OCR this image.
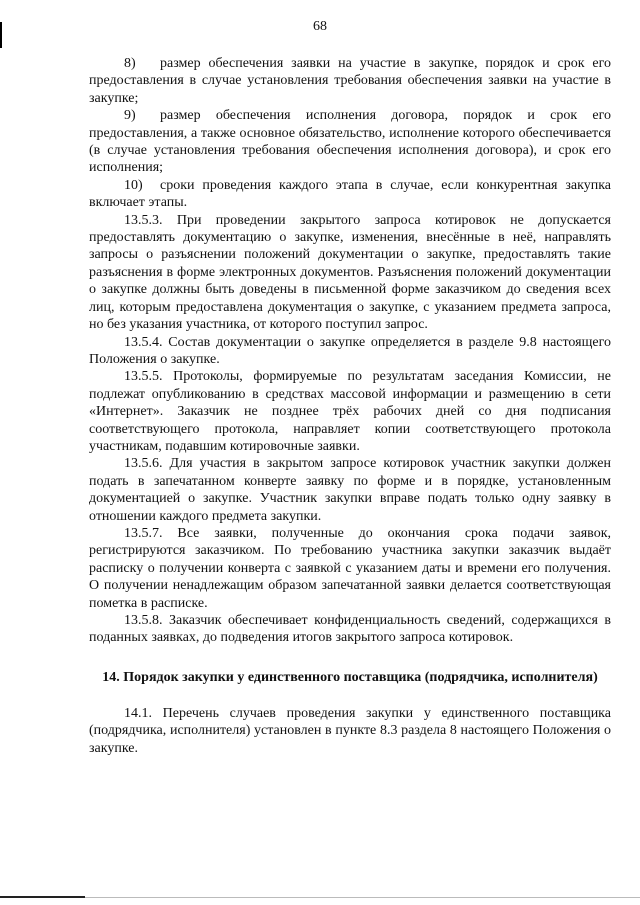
68

8) размер обеспечения заявки на участие в закупке, порядок и срок его предоставления в случае установления требования обеспечения заявки на участие в закупке;

9) размер обеспечения исполнения договора, порядок и срок его предоставления, а также основное обязательство, исполнение которого обеспечивается (в случае установления требования обеспечения исполнения договора), и срок его исполнения;

10) сроки проведения каждого этапа в случае, если конкурентная закупка включает этапы.

13.5.3. При проведении закрытого запроса котировок не допускается предоставлять документацию о закупке, изменения, внесённые в неё, направлять запросы о разъяснении положений документации о закупке, предоставлять такие разъяснения в форме электронных документов. Разъяснения положений документации о закупке должны быть доведены в письменной форме заказчиком до сведения всех лиц, которым предоставлена документация о закупке, с указанием предмета запроса, но без указания участника, от которого поступил запрос.

13.5.4. Состав документации о закупке определяется в разделе 9.8 настоящего Положения о закупке.

13.5.5. Протоколы, формируемые по результатам заседания Комиссии, не подлежат опубликованию в средствах массовой информации и размещению в сети «Интернет». Заказчик не позднее трёх рабочих дней со дня подписания соответствующего протокола, направляет копии соответствующего протокола участникам, подавшим котировочные заявки.

13.5.6. Для участия в закрытом запросе котировок участник закупки должен подать в запечатанном конверте заявку по форме и в порядке, установленным документацией о закупке. Участник закупки вправе подать только одну заявку в отношении каждого предмета закупки.

13.5.7. Все заявки, полученные до окончания срока подачи заявок, регистрируются заказчиком. По требованию участника закупки заказчик выдаёт расписку о получении конверта с заявкой с указанием даты и времени его получения. О получении ненадлежащим образом запечатанной заявки делается соответствующая пометка в расписке.

13.5.8. Заказчик обеспечивает конфиденциальность сведений, содержащихся в поданных заявках, до подведения итогов закрытого запроса котировок.

14. Порядок закупки у единственного поставщика (подрядчика, исполнителя)

14.1. Перечень случаев проведения закупки у единственного поставщика (подрядчика, исполнителя) установлен в пункте 8.3 раздела 8 настоящего Положения о закупке.
